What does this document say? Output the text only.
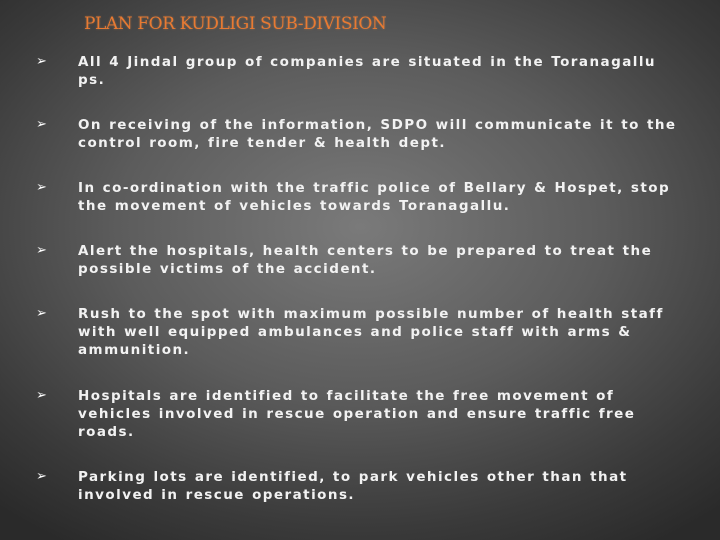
PLAN FOR KUDLIGI SUB-DIVISION
➢ All 4 Jindal group of companies are situated in the Toranagallu ps.

➢ On receiving of the information, SDPO will communicate it to the control room, fire tender & health dept.

➢ In co-ordination with the traffic police of Bellary & Hospet, stop the movement of vehicles towards Toranagallu.

➢ Alert the hospitals, health centers to be prepared to treat the possible victims of the accident.

➢ Rush to the spot with maximum possible number of health staff with well equipped ambulances and police staff with arms & ammunition.

➢ Hospitals are identified to facilitate the free movement of vehicles involved in rescue operation and ensure traffic free roads.

➢ Parking lots are identified, to park vehicles other than that involved in rescue operations.
